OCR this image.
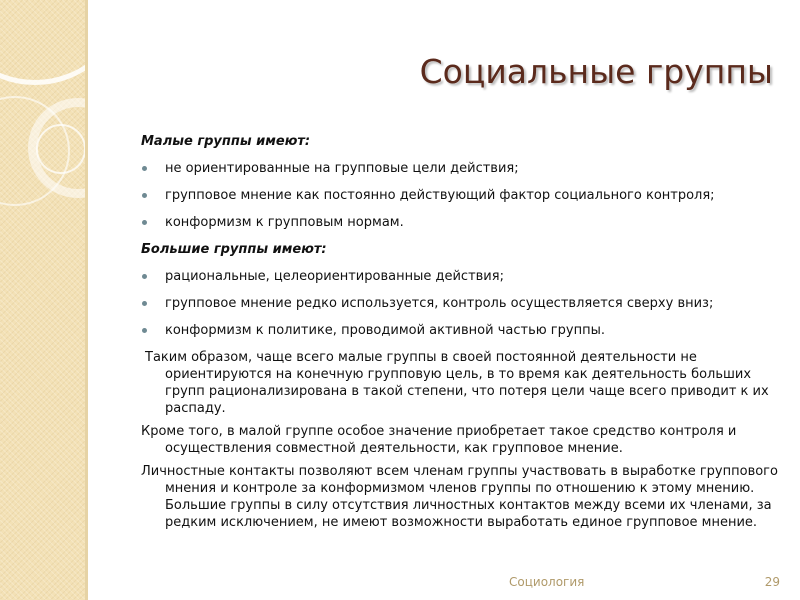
Социальные группы

Малые группы имеют:

не ориентированные на групповые цели действия;
групповое мнение как постоянно действующий фактор социального контроля;
конформизм к групповым нормам.

Большие группы имеют:

рациональные, целеориентированные действия;
групповое мнение редко используется, контроль осуществляется сверху вниз;
конформизм к политике, проводимой активной частью группы.

Таким образом, чаще всего малые группы в своей постоянной деятельности не ориентируются на конечную групповую цель, в то время как деятельность больших групп рационализирована в такой степени, что потеря цели чаще всего приводит к их распаду.

Кроме того, в малой группе особое значение приобретает такое средство контроля и осуществления совместной деятельности, как групповое мнение.

Личностные контакты позволяют всем членам группы участвовать в выработке группового мнения и контроле за конформизмом членов группы по отношению к этому мнению. Большие группы в силу отсутствия личностных контактов между всеми их членами, за редким исключением, не имеют возможности выработать единое групповое мнение.

Социология	29
